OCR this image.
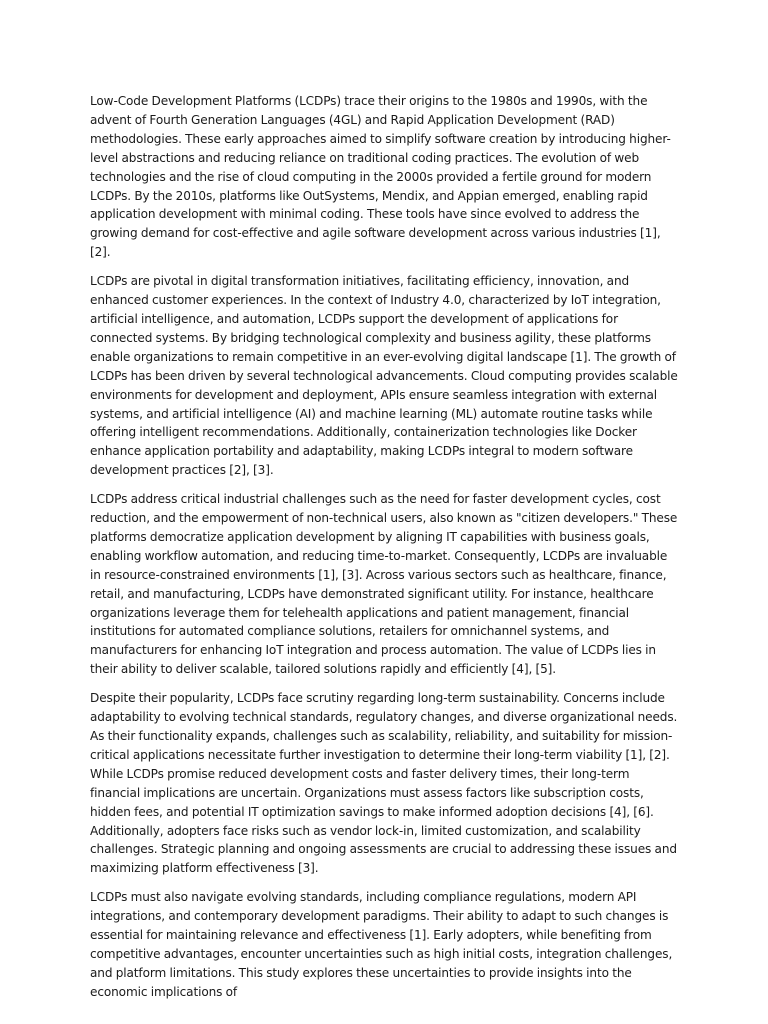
Low-Code Development Platforms (LCDPs) trace their origins to the 1980s and 1990s, with the advent of Fourth Generation Languages (4GL) and Rapid Application Development (RAD) methodologies. These early approaches aimed to simplify software creation by introducing higher-level abstractions and reducing reliance on traditional coding practices. The evolution of web technologies and the rise of cloud computing in the 2000s provided a fertile ground for modern LCDPs. By the 2010s, platforms like OutSystems, Mendix, and Appian emerged, enabling rapid application development with minimal coding. These tools have since evolved to address the growing demand for cost-effective and agile software development across various industries [1], [2].

LCDPs are pivotal in digital transformation initiatives, facilitating efficiency, innovation, and enhanced customer experiences. In the context of Industry 4.0, characterized by IoT integration, artificial intelligence, and automation, LCDPs support the development of applications for connected systems. By bridging technological complexity and business agility, these platforms enable organizations to remain competitive in an ever-evolving digital landscape [1]. The growth of LCDPs has been driven by several technological advancements. Cloud computing provides scalable environments for development and deployment, APIs ensure seamless integration with external systems, and artificial intelligence (AI) and machine learning (ML) automate routine tasks while offering intelligent recommendations. Additionally, containerization technologies like Docker enhance application portability and adaptability, making LCDPs integral to modern software development practices [2], [3].

LCDPs address critical industrial challenges such as the need for faster development cycles, cost reduction, and the empowerment of non-technical users, also known as "citizen developers." These platforms democratize application development by aligning IT capabilities with business goals, enabling workflow automation, and reducing time-to-market. Consequently, LCDPs are invaluable in resource-constrained environments [1], [3]. Across various sectors such as healthcare, finance, retail, and manufacturing, LCDPs have demonstrated significant utility. For instance, healthcare organizations leverage them for telehealth applications and patient management, financial institutions for automated compliance solutions, retailers for omnichannel systems, and manufacturers for enhancing IoT integration and process automation. The value of LCDPs lies in their ability to deliver scalable, tailored solutions rapidly and efficiently [4], [5].

Despite their popularity, LCDPs face scrutiny regarding long-term sustainability. Concerns include adaptability to evolving technical standards, regulatory changes, and diverse organizational needs. As their functionality expands, challenges such as scalability, reliability, and suitability for mission-critical applications necessitate further investigation to determine their long-term viability [1], [2]. While LCDPs promise reduced development costs and faster delivery times, their long-term financial implications are uncertain. Organizations must assess factors like subscription costs, hidden fees, and potential IT optimization savings to make informed adoption decisions [4], [6]. Additionally, adopters face risks such as vendor lock-in, limited customization, and scalability challenges. Strategic planning and ongoing assessments are crucial to addressing these issues and maximizing platform effectiveness [3].

LCDPs must also navigate evolving standards, including compliance regulations, modern API integrations, and contemporary development paradigms. Their ability to adapt to such changes is essential for maintaining relevance and effectiveness [1]. Early adopters, while benefiting from competitive advantages, encounter uncertainties such as high initial costs, integration challenges, and platform limitations. This study explores these uncertainties to provide insights into the economic implications of
